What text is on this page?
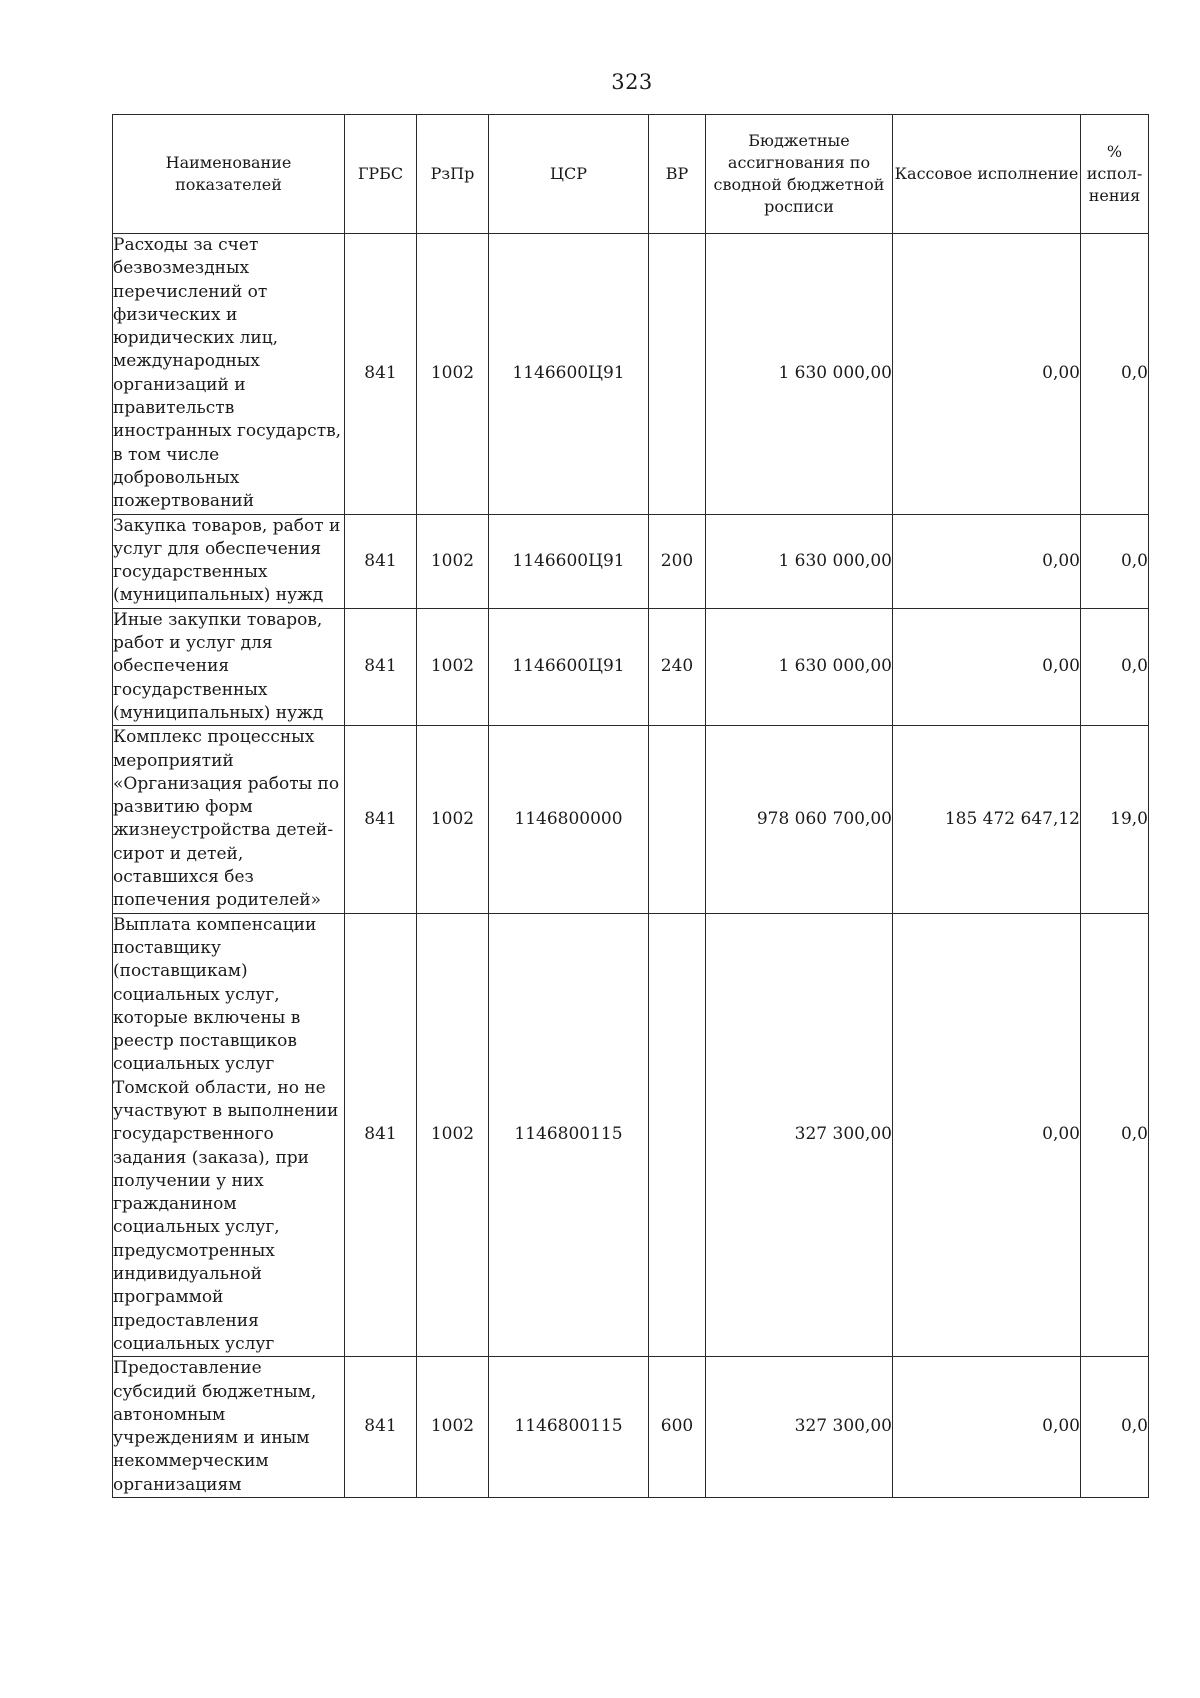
323
Наименование показателей	ГРБС	РзПр	ЦСР	ВР	Бюджетные ассигнования по сводной бюджетной росписи	Кассовое исполнение	% испол-нения
Расходы за счет безвозмездных перечислений от физических и юридических лиц, международных организаций и правительств иностранных государств, в том числе добровольных пожертвований	841	1002	1146600Ц91		1 630 000,00	0,00	0,0
Закупка товаров, работ и услуг для обеспечения государственных (муниципальных) нужд	841	1002	1146600Ц91	200	1 630 000,00	0,00	0,0
Иные закупки товаров, работ и услуг для обеспечения государственных (муниципальных) нужд	841	1002	1146600Ц91	240	1 630 000,00	0,00	0,0
Комплекс процессных мероприятий «Организация работы по развитию форм жизнеустройства детей-сирот и детей, оставшихся без попечения родителей»	841	1002	1146800000		978 060 700,00	185 472 647,12	19,0
Выплата компенсации поставщику (поставщикам) социальных услуг, которые включены в реестр поставщиков социальных услуг Томской области, но не участвуют в выполнении государственного задания (заказа), при получении у них гражданином социальных услуг, предусмотренных индивидуальной программой предоставления социальных услуг	841	1002	1146800115		327 300,00	0,00	0,0
Предоставление субсидий бюджетным, автономным учреждениям и иным некоммерческим организациям	841	1002	1146800115	600	327 300,00	0,00	0,0
